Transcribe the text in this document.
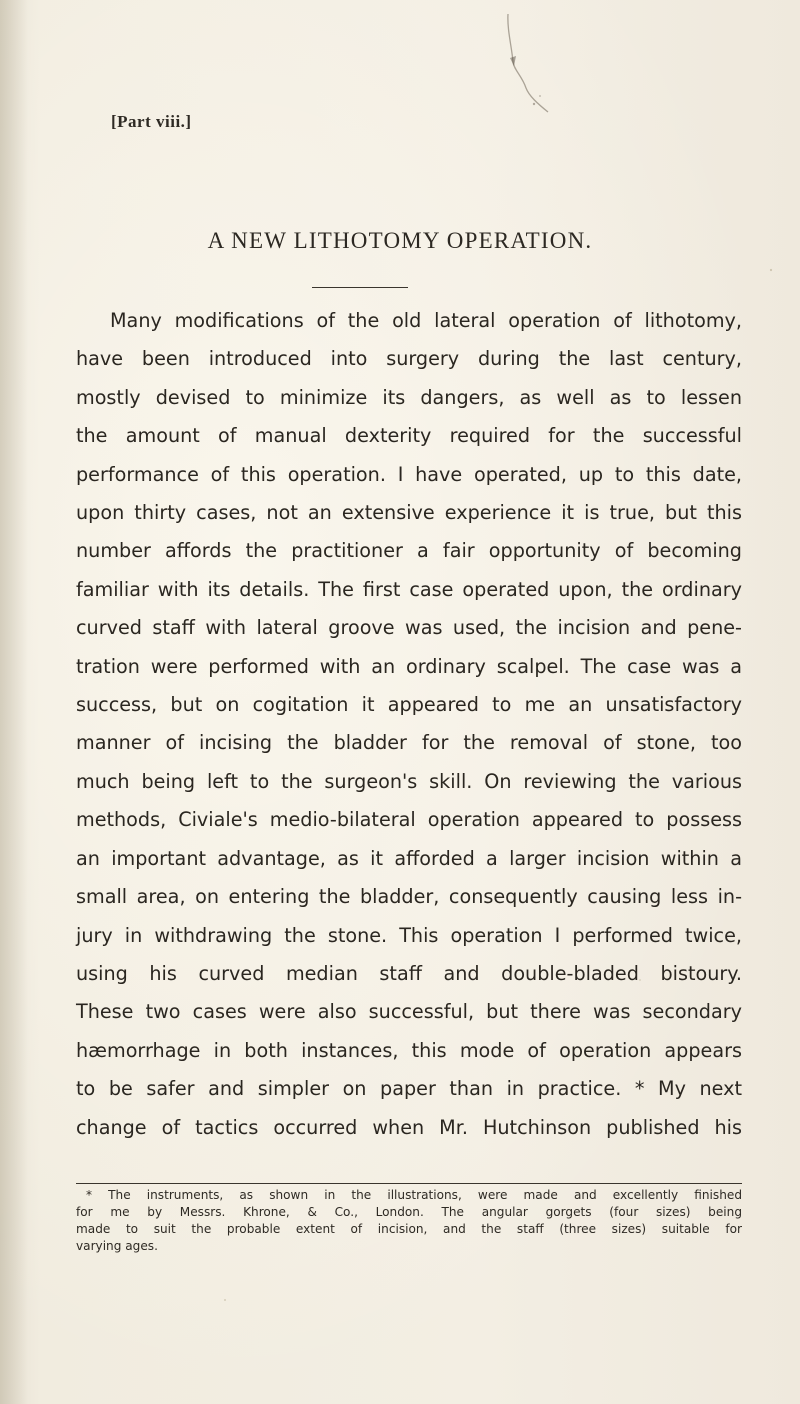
[Part viii.]
A NEW LITHOTOMY OPERATION.
Many modifications of the old lateral operation of lithotomy,
have been introduced into surgery during the last century,
mostly devised to minimize its dangers, as well as to lessen
the amount of manual dexterity required for the successful
performance of this operation. I have operated, up to this date,
upon thirty cases, not an extensive experience it is true, but this
number affords the practitioner a fair opportunity of becoming
familiar with its details. The first case operated upon, the ordinary
curved staff with lateral groove was used, the incision and pene-
tration were performed with an ordinary scalpel. The case was a
success, but on cogitation it appeared to me an unsatisfactory
manner of incising the bladder for the removal of stone, too
much being left to the surgeon's skill. On reviewing the various
methods, Civiale's medio-bilateral operation appeared to possess
an important advantage, as it afforded a larger incision within a
small area, on entering the bladder, consequently causing less in-
jury in withdrawing the stone. This operation I performed twice,
using his curved median staff and double-bladed bistoury.
These two cases were also successful, but there was secondary
hæmorrhage in both instances, this mode of operation appears
to be safer and simpler on paper than in practice. * My next
change of tactics occurred when Mr. Hutchinson published his
* The instruments, as shown in the illustrations, were made and excellently finished
for me by Messrs. Khrone, & Co., London. The angular gorgets (four sizes) being
made to suit the probable extent of incision, and the staff (three sizes) suitable for
varying ages.
